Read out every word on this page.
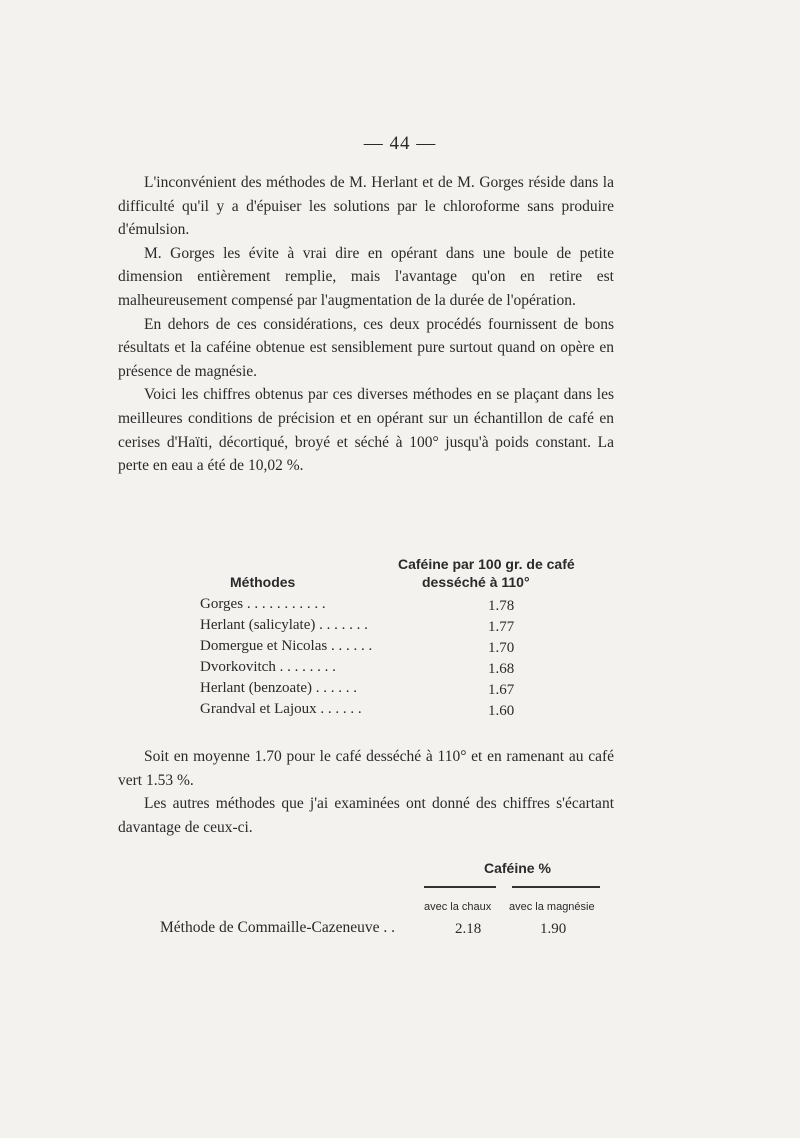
— 44 —

L'inconvénient des méthodes de M. Herlant et de M. Gorges réside dans la difficulté qu'il y a d'épuiser les solutions par le chloroforme sans produire d'émulsion.

M. Gorges les évite à vrai dire en opérant dans une boule de petite dimension entièrement remplie, mais l'avantage qu'on en retire est malheureusement compensé par l'augmentation de la durée de l'opération.

En dehors de ces considérations, ces deux procédés fournissent de bons résultats et la caféine obtenue est sensiblement pure surtout quand on opère en présence de magnésie.

Voici les chiffres obtenus par ces diverses méthodes en se plaçant dans les meilleures conditions de précision et en opérant sur un échantillon de café en cerises d'Haïti, décortiqué, broyé et séché à 100° jusqu'à poids constant. La perte en eau a été de 10,02 %.

Caféine par 100 gr. de café
desséché à 110°
Méthodes
Gorges . . . . . . . . . . .	1.78
Herlant (salicylate) . . . . . . .	1.77
Domergue et Nicolas . . . . . .	1.70
Dvorkovitch . . . . . . . .	1.68
Herlant (benzoate) . . . . . .	1.67
Grandval et Lajoux . . . . . .	1.60

Soit en moyenne 1.70 pour le café desséché à 110° et en ramenant au café vert 1.53 %.

Les autres méthodes que j'ai examinées ont donné des chiffres s'écartant davantage de ceux-ci.

Caféine %
avec la chaux avec la magnésie
Méthode de Commaille-Cazeneuve . .	2.18	1.90
